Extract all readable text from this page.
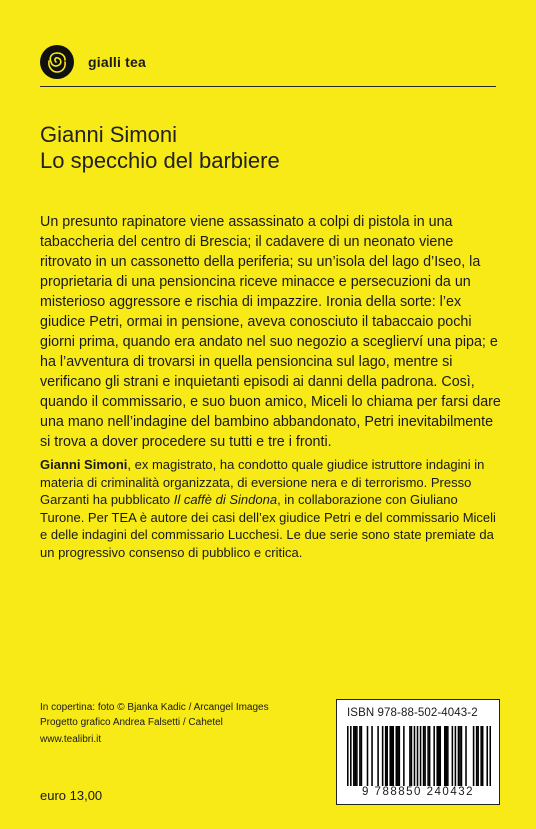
gialli tea
Gianni Simoni
Lo specchio del barbiere

Un presunto rapinatore viene assassinato a colpi di pistola in una tabaccheria del centro di Brescia; il cadavere di un neonato viene ritrovato in un cassonetto della periferia; su un’isola del lago d’Iseo, la proprietaria di una pensioncina riceve minacce e persecuzioni da un misterioso aggressore e rischia di impazzire. Ironia della sorte: l’ex giudice Petri, ormai in pensione, aveva conosciuto il tabaccaio pochi giorni prima, quando era andato nel suo negozio a sceglierví una pipa; e ha l’avventura di trovarsi in quella pensioncina sul lago, mentre si verificano gli strani e inquietanti episodi ai danni della padrona. Così, quando il commissario, e suo buon amico, Miceli lo chiama per farsi dare una mano nell’indagine del bambino abbandonato, Petri inevitabilmente si trova a dover procedere su tutti e tre i fronti.

Gianni Simoni, ex magistrato, ha condotto quale giudice istruttore indagini in materia di criminalità organizzata, di eversione nera e di terrorismo. Presso Garzanti ha pubblicato Il caffè di Sindona, in collaborazione con Giuliano Turone. Per TEA è autore dei casi dell’ex giudice Petri e del commissario Miceli e delle indagini del commissario Lucchesi. Le due serie sono state premiate da un progressivo consenso di pubblico e critica.

In copertina: foto © Bjanka Kadic / Arcangel Images
Progetto grafico Andrea Falsetti / Cahetel
www.tealibri.it
euro 13,00
ISBN 978-88-502-4043-2
9 788850 240432
